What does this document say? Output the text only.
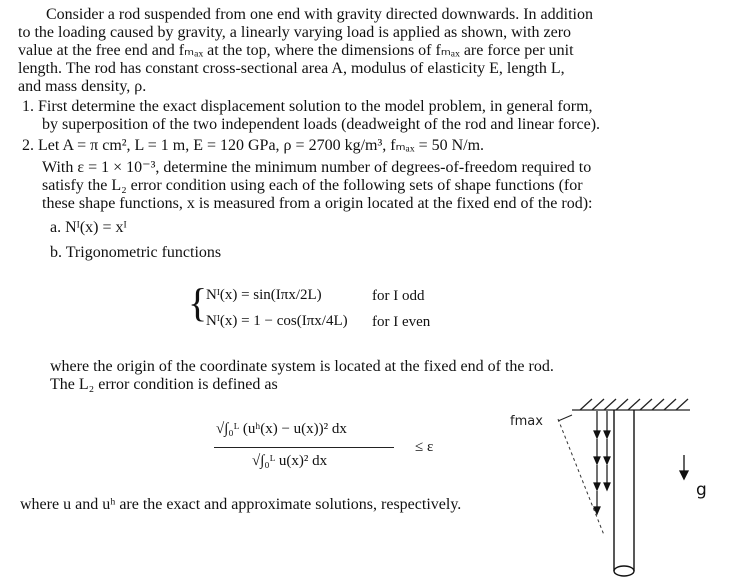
Consider a rod suspended from one end with gravity directed downwards. In addition
to the loading caused by gravity, a linearly varying load is applied as shown, with zero
value at the free end and fₘₐₓ at the top, where the dimensions of fₘₐₓ are force per unit
length. The rod has constant cross-sectional area A, modulus of elasticity E, length L,
and mass density, ρ.
1. First determine the exact displacement solution to the model problem, in general form,
by superposition of the two independent loads (deadweight of the rod and linear force).
2. Let A = π cm², L = 1 m, E = 120 GPa, ρ = 2700 kg/m³, fₘₐₓ = 50 N/m.
With ε = 1 × 10⁻³, determine the minimum number of degrees-of-freedom required to
satisfy the L₂ error condition using each of the following sets of shape functions (for
these shape functions, x is measured from a origin located at the fixed end of the rod):
a. Nᴵ(x) = xᴵ
b. Trigonometric functions
{
Nᴵ(x) = sin(Iπx/2L)	for I odd
Nᴵ(x) = 1 − cos(Iπx/4L) for I even
where the origin of the coordinate system is located at the fixed end of the rod.
The L₂ error condition is defined as
√∫₀ᴸ (uʰ(x) − u(x))² dx
√∫₀ᴸ u(x)² dx
≤ ε
where u and uʰ are the exact and approximate solutions, respectively.
fmax
g
